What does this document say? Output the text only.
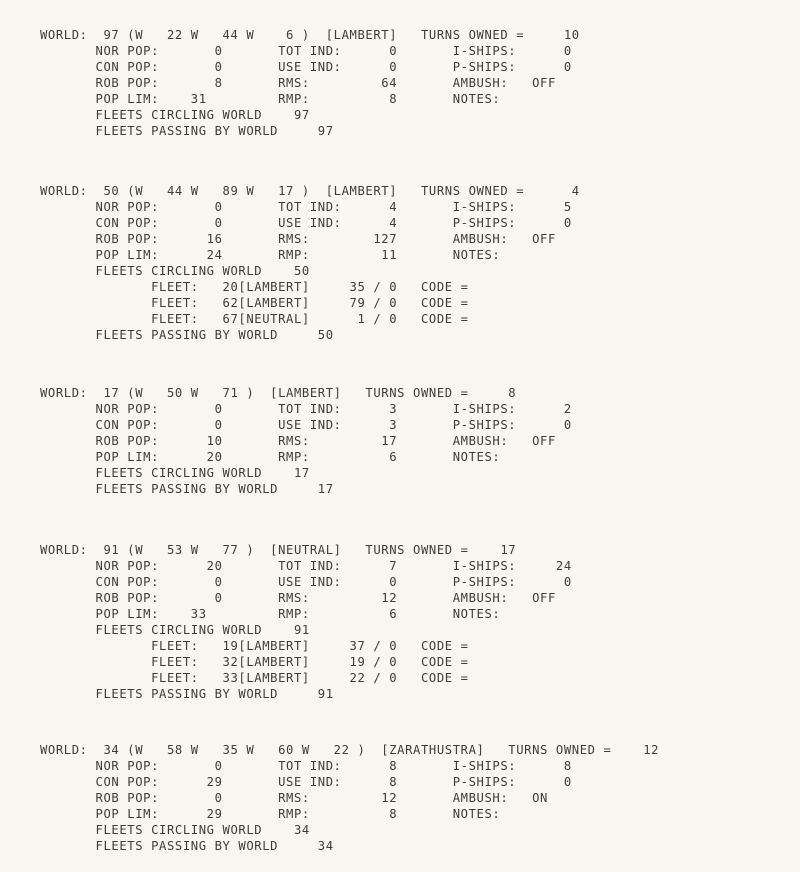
WORLD:  97 (W   22 W   44 W    6 )  [LAMBERT]   TURNS OWNED =     10
NOR POP:       0       TOT IND:      0       I-SHIPS:      0
CON POP:       0       USE IND:      0       P-SHIPS:      0
ROB POP:       8       RMS:         64       AMBUSH:   OFF
POP LIM:    31         RMP:          8       NOTES:
FLEETS CIRCLING WORLD    97
FLEETS PASSING BY WORLD     97
WORLD:  50 (W   44 W   89 W   17 )  [LAMBERT]   TURNS OWNED =      4
NOR POP:       0       TOT IND:      4       I-SHIPS:      5
CON POP:       0       USE IND:      4       P-SHIPS:      0
ROB POP:      16       RMS:        127       AMBUSH:   OFF
POP LIM:      24       RMP:         11       NOTES:
FLEETS CIRCLING WORLD    50
FLEET:   20[LAMBERT]     35 / 0   CODE =
FLEET:   62[LAMBERT]     79 / 0   CODE =
FLEET:   67[NEUTRAL]      1 / 0   CODE =
FLEETS PASSING BY WORLD     50
WORLD:  17 (W   50 W   71 )  [LAMBERT]   TURNS OWNED =     8
NOR POP:       0       TOT IND:      3       I-SHIPS:      2
CON POP:       0       USE IND:      3       P-SHIPS:      0
ROB POP:      10       RMS:         17       AMBUSH:   OFF
POP LIM:      20       RMP:          6       NOTES:
FLEETS CIRCLING WORLD    17
FLEETS PASSING BY WORLD     17
WORLD:  91 (W   53 W   77 )  [NEUTRAL]   TURNS OWNED =    17
NOR POP:      20       TOT IND:      7       I-SHIPS:     24
CON POP:       0       USE IND:      0       P-SHIPS:      0
ROB POP:       0       RMS:         12       AMBUSH:   OFF
POP LIM:    33         RMP:          6       NOTES:
FLEETS CIRCLING WORLD    91
FLEET:   19[LAMBERT]     37 / 0   CODE =
FLEET:   32[LAMBERT]     19 / 0   CODE =
FLEET:   33[LAMBERT]     22 / 0   CODE =
FLEETS PASSING BY WORLD     91
WORLD:  34 (W   58 W   35 W   60 W   22 )  [ZARATHUSTRA]   TURNS OWNED =    12
NOR POP:       0       TOT IND:      8       I-SHIPS:      8
CON POP:      29       USE IND:      8       P-SHIPS:      0
ROB POP:       0       RMS:         12       AMBUSH:   ON
POP LIM:      29       RMP:          8       NOTES:
FLEETS CIRCLING WORLD    34
FLEETS PASSING BY WORLD     34
